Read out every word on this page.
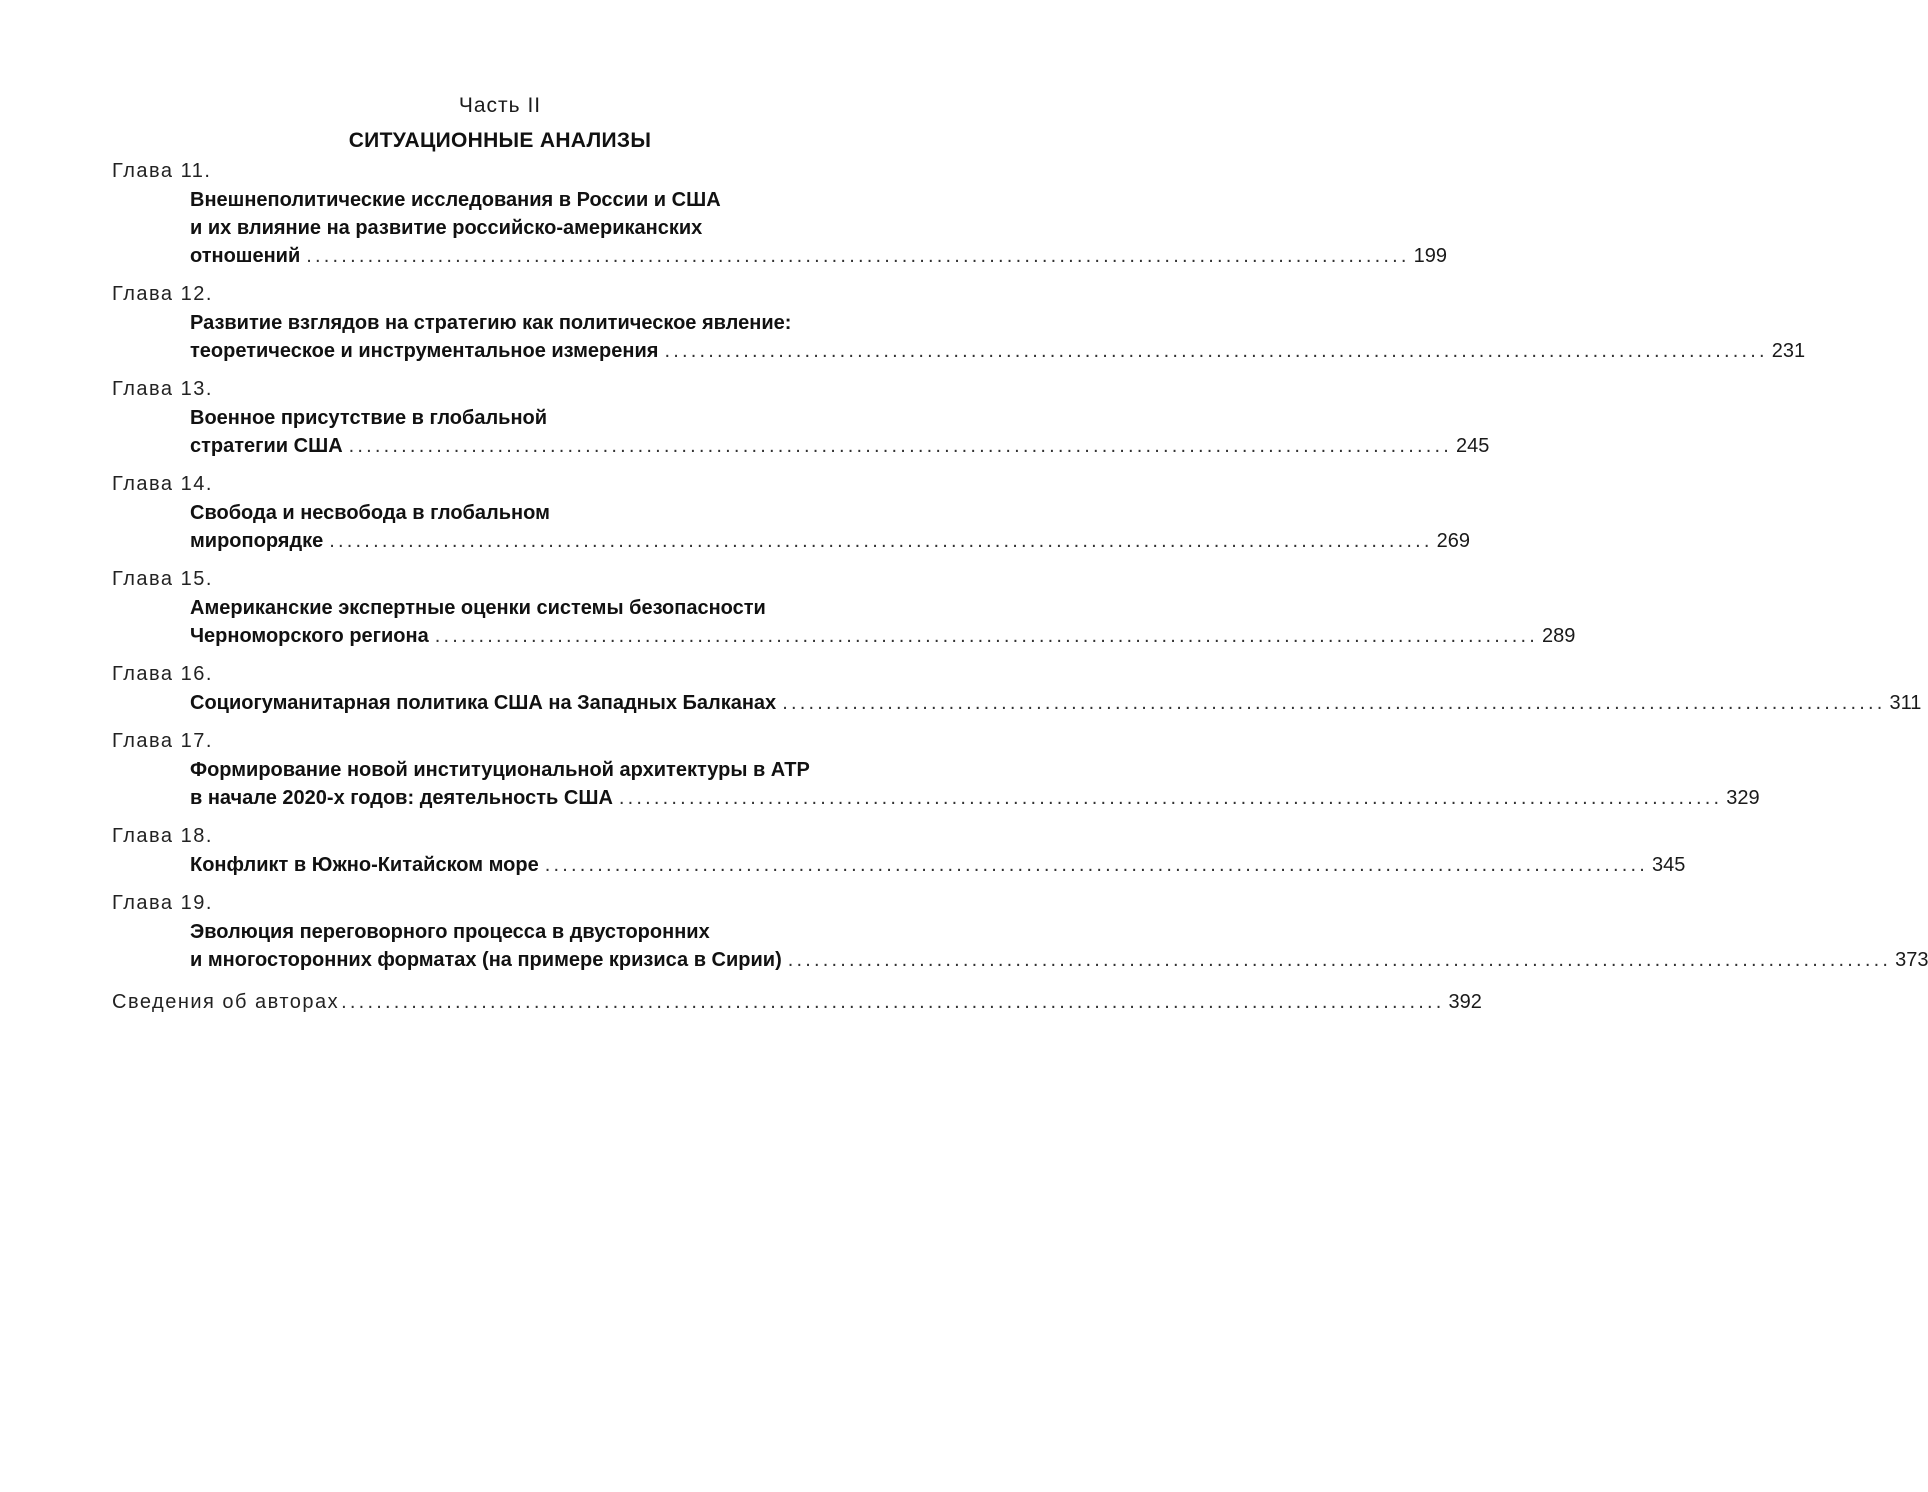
Часть II
СИТУАЦИОННЫЕ АНАЛИЗЫ
Глава 11.
Внешнеполитические исследования в России и США
и их влияние на развитие российско-американских
отношений .............................................................................................................................. 199
Глава 12.
Развитие взглядов на стратегию как политическое явление:
теоретическое и инструментальное измерения .............................................................................................................................. 231
Глава 13.
Военное присутствие в глобальной
стратегии США .............................................................................................................................. 245
Глава 14.
Свобода и несвобода в глобальном
миропорядке .............................................................................................................................. 269
Глава 15.
Американские экспертные оценки системы безопасности
Черноморского региона .............................................................................................................................. 289
Глава 16.
Социогуманитарная политика США на Западных Балканах .............................................................................................................................. 311
Глава 17.
Формирование новой институциональной архитектуры в АТР
в начале 2020-х годов: деятельность США .............................................................................................................................. 329
Глава 18.
Конфликт в Южно-Китайском море .............................................................................................................................. 345
Глава 19.
Эволюция переговорного процесса в двусторонних
и многосторонних форматах (на примере кризиса в Сирии) .............................................................................................................................. 373
Сведения об авторах .............................................................................................................................. 392
